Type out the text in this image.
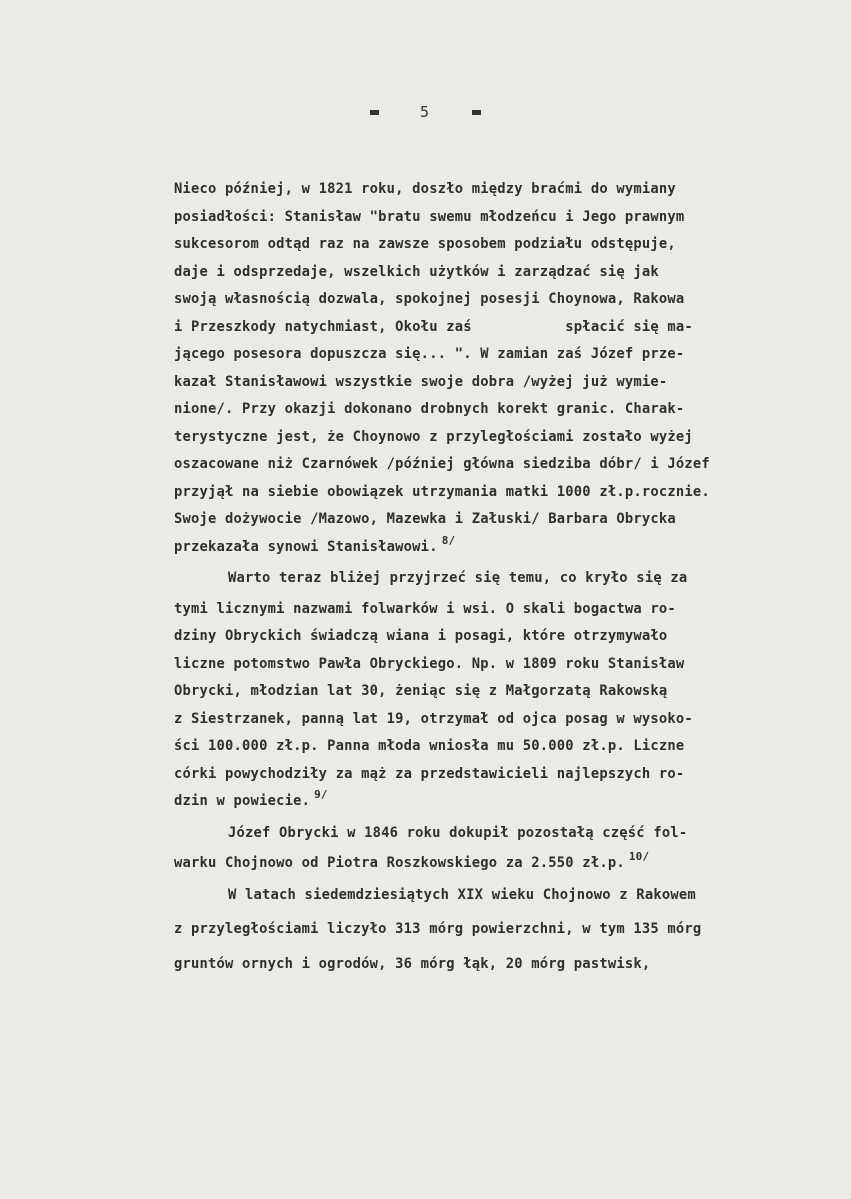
5
Nieco później, w 1821 roku, doszło między braćmi do wymiany
posiadłości: Stanisław "bratu swemu młodzeńcu i Jego prawnym
sukcesorom odtąd raz na zawsze sposobem podziału odstępuje,
daje i odsprzedaje, wszelkich użytków i zarządzać się jak
swoją własnością dozwala, spokojnej posesji Choynowa, Rakowa
i Przeszkody natychmiast, Okołu zaś           spłacić się ma-
jącego posesora dopuszcza się... ". W zamian zaś Józef prze-
kazał Stanisławowi wszystkie swoje dobra /wyżej już wymie-
nione/. Przy okazji dokonano drobnych korekt granic. Charak-
terystyczne jest, że Choynowo z przyległościami zostało wyżej
oszacowane niż Czarnówek /później główna siedziba dóbr/ i Józef
przyjął na siebie obowiązek utrzymania matki 1000 zł.p.rocznie.
Swoje dożywocie /Mazowo, Mazewka i Załuski/ Barbara Obrycka
przekazała synowi Stanisławowi. $^{8/}$
Warto teraz bliżej przyjrzeć się temu, co kryło się za
tymi licznymi nazwami folwarków i wsi. O skali bogactwa ro-
dziny Obryckich świadczą wiana i posagi, które otrzymywało
liczne potomstwo Pawła Obryckiego. Np. w 1809 roku Stanisław
Obrycki, młodzian lat 30, żeniąc się z Małgorzatą Rakowską
z Siestrzanek, panną lat 19, otrzymał od ojca posag w wysoko-
ści 100.000 zł.p. Panna młoda wniosła mu 50.000 zł.p. Liczne
córki powychodziły za mąż za przedstawicieli najlepszych ro-
dzin w powiecie. $^{9/}$
Józef Obrycki w 1846 roku dokupił pozostałą część fol-
warku Chojnowo od Piotra Roszkowskiego za 2.550 zł.p. $^{10/}$
W latach siedemdziesiątych XIX wieku Chojnowo z Rakowem
z przyległościami liczyło 313 mórg powierzchni, w tym 135 mórg
gruntów ornych i ogrodów, 36 mórg łąk, 20 mórg pastwisk,
